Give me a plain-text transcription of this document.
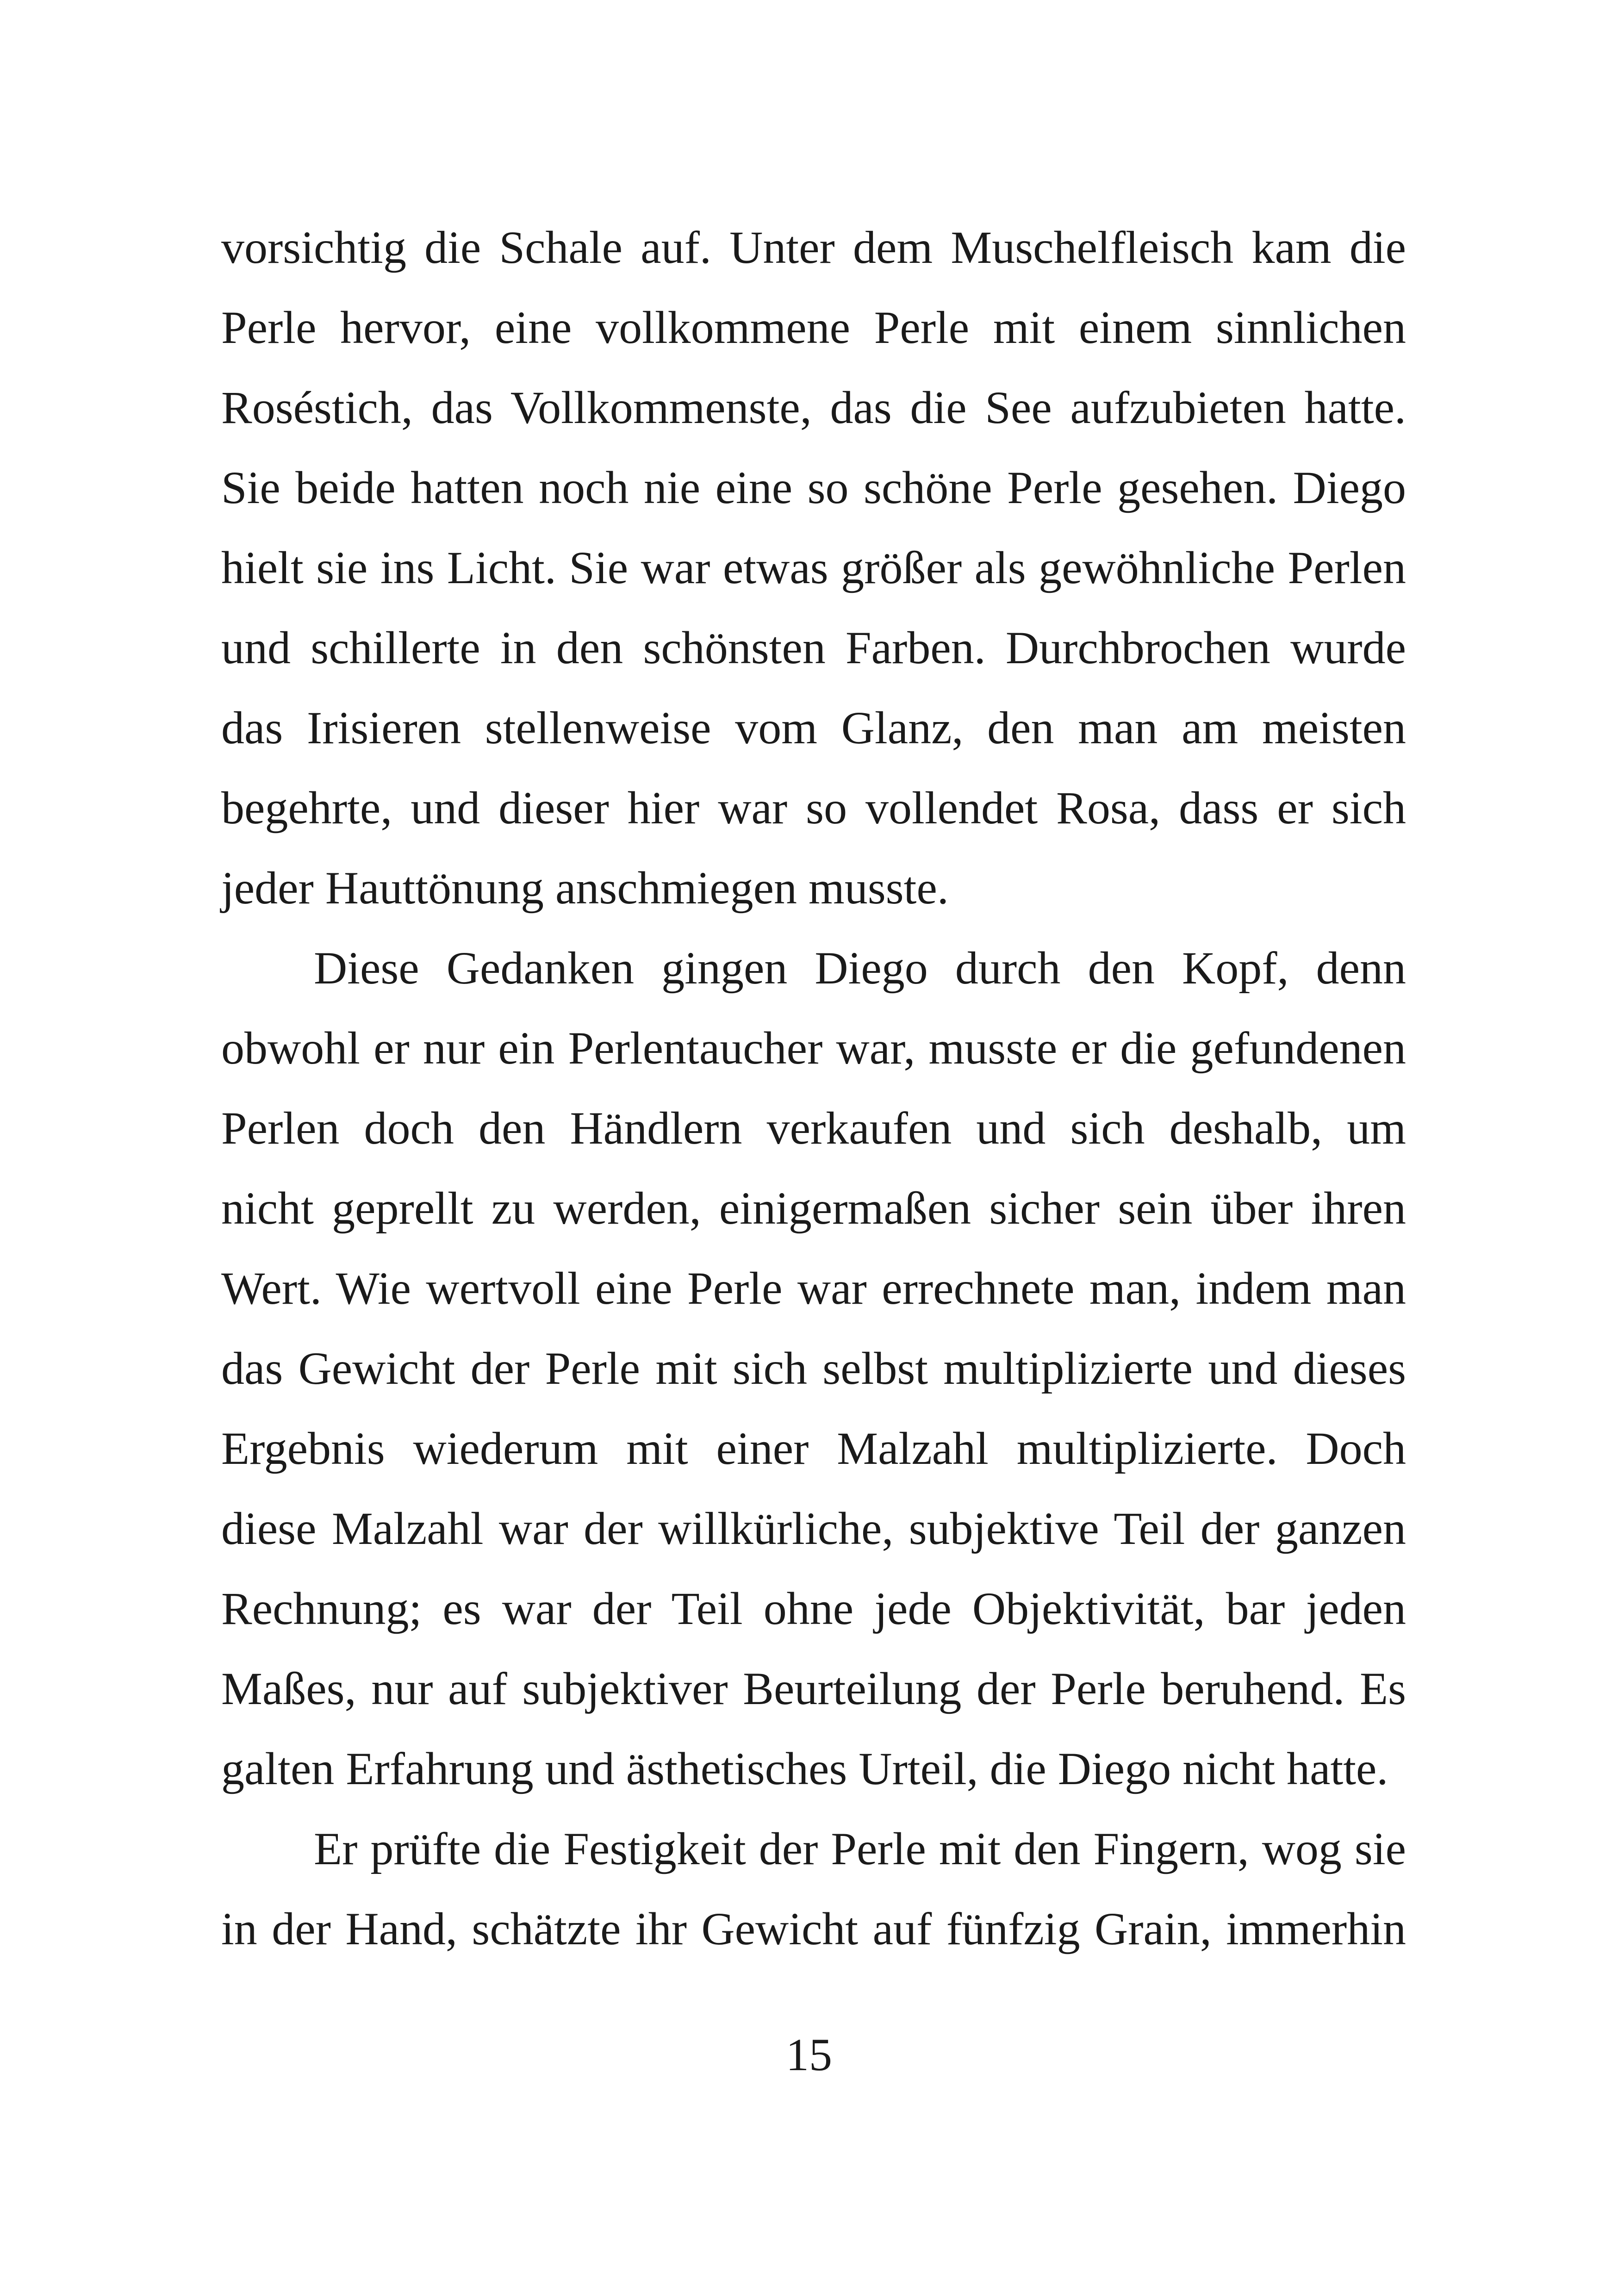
vorsichtig die Schale auf. Unter dem Muschelfleisch kam die
Perle hervor, eine vollkommene Perle mit einem sinnlichen
Roséstich, das Vollkommenste, das die See aufzubieten hatte.
Sie beide hatten noch nie eine so schöne Perle gesehen. Diego
hielt sie ins Licht. Sie war etwas größer als gewöhnliche Perlen
und schillerte in den schönsten Farben. Durchbrochen wurde
das Irisieren stellenweise vom Glanz, den man am meisten
begehrte, und dieser hier war so vollendet Rosa, dass er sich
jeder Hauttönung anschmiegen musste.
Diese Gedanken gingen Diego durch den Kopf, denn
obwohl er nur ein Perlentaucher war, musste er die gefundenen
Perlen doch den Händlern verkaufen und sich deshalb, um
nicht geprellt zu werden, einigermaßen sicher sein über ihren
Wert. Wie wertvoll eine Perle war errechnete man, indem man
das Gewicht der Perle mit sich selbst multiplizierte und dieses
Ergebnis wiederum mit einer Malzahl multiplizierte. Doch
diese Malzahl war der willkürliche, subjektive Teil der ganzen
Rechnung; es war der Teil ohne jede Objektivität, bar jeden
Maßes, nur auf subjektiver Beurteilung der Perle beruhend. Es
galten Erfahrung und ästhetisches Urteil, die Diego nicht hatte.
Er prüfte die Festigkeit der Perle mit den Fingern, wog sie
in der Hand, schätzte ihr Gewicht auf fünfzig Grain, immerhin
15
